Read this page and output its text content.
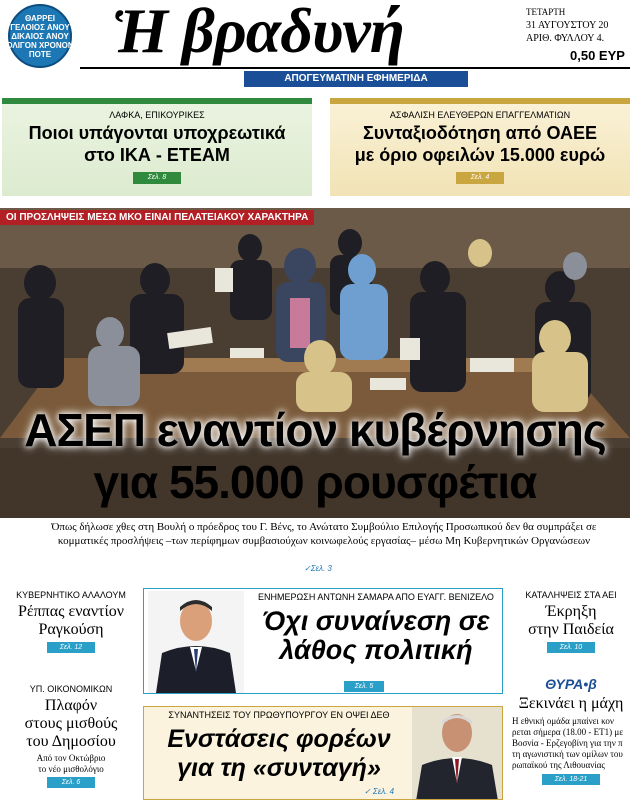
ΘΑΡΡΕΙ
ΓΕΛΟΙΟΣ ΑΝΟΥ
ΔΙΚΑΙΟΣ ΑΝΟΥ
ΟΛΙΓΟΝ ΧΡΟΝΟΝ
ΠΟΤΕ Ἡ βραδυνή
ΑΠΟΓΕΥΜΑΤΙΝΗ ΕΦΗΜΕΡΙΔΑ
ΤΕΤΑΡΤΗ
31 ΑΥΓΟΥΣΤΟΥ 20
ΑΡΙΘ. ΦΥΛΛΟΥ 4.
0,50 ΕΥΡ
ΛΑΦΚΑ, ΕΠΙΚΟΥΡΙΚΕΣ
Ποιοι υπάγονται υποχρεωτικά
στο ΙΚΑ - ΕΤΕΑΜ
Σελ. 8
ΑΣΦΑΛΙΣΗ ΕΛΕΥΘΕΡΩΝ ΕΠΑΓΓΕΛΜΑΤΙΩΝ
Συνταξιοδότηση από ΟΑΕΕ
με όριο οφειλών 15.000 ευρώ
Σελ. 4
ΟΙ ΠΡΟΣΛΗΨΕΙΣ ΜΕΣΩ ΜΚΟ ΕΙΝΑΙ ΠΕΛΑΤΕΙΑΚΟΥ ΧΑΡΑΚΤΗΡΑ
ΑΣΕΠ εναντίον κυβέρνησης
για 55.000 ρουσφέτια
Όπως δήλωσε χθες στη Βουλή ο πρόεδρος του Γ. Βένς, το Ανώτατο Συμβούλιο Επιλογής Προσωπικού δεν θα συμπράξει σε
κομματικές προσλήψεις –των περίφημων συμβασιούχων κοινωφελούς εργασίας– μέσω Μη Κυβερνητικών Οργανώσεων
✓Σελ. 3
ΚΥΒΕΡΝΗΤΙΚΟ ΑΛΑΛΟΥΜ
Ρέππας εναντίον
Ραγκούση
Σελ. 12
ΥΠ. ΟΙΚΟΝΟΜΙΚΩΝ
Πλαφόν
στους μισθούς
του Δημοσίου
Από τον Οκτώβριο
το νέο μισθολόγιο
Σελ. 6
ΕΝΗΜΕΡΩΣΗ ΑΝΤΩΝΗ ΣΑΜΑΡΑ ΑΠΟ ΕΥΑΓΓ. ΒΕΝΙΖΕΛΟ
Όχι συναίνεση σε
λάθος πολιτική
Σελ. 5
ΣΥΝΑΝΤΗΣΕΙΣ ΤΟΥ ΠΡΩΘΥΠΟΥΡΓΟΥ ΕΝ ΟΨΕΙ ΔΕΘ
Ενστάσεις φορέων
για τη «συνταγή»
✓ Σελ. 4
ΚΑΤΑΛΗΨΕΙΣ ΣΤΑ ΑΕΙ
Έκρηξη
στην Παιδεία
Σελ. 10
ΘΥΡΑ•β
Ξεκινάει η μάχη
Η εθνική ομάδα μπαίνει κον
ρεται σήμερα (18.00 - ΕΤ1) με
Βοσνία - Ερζεγοβίνη για την π
τη αγωνιστική των ομίλων του
ρωπαϊκού της Λιθουανίας
Σελ. 18-21
